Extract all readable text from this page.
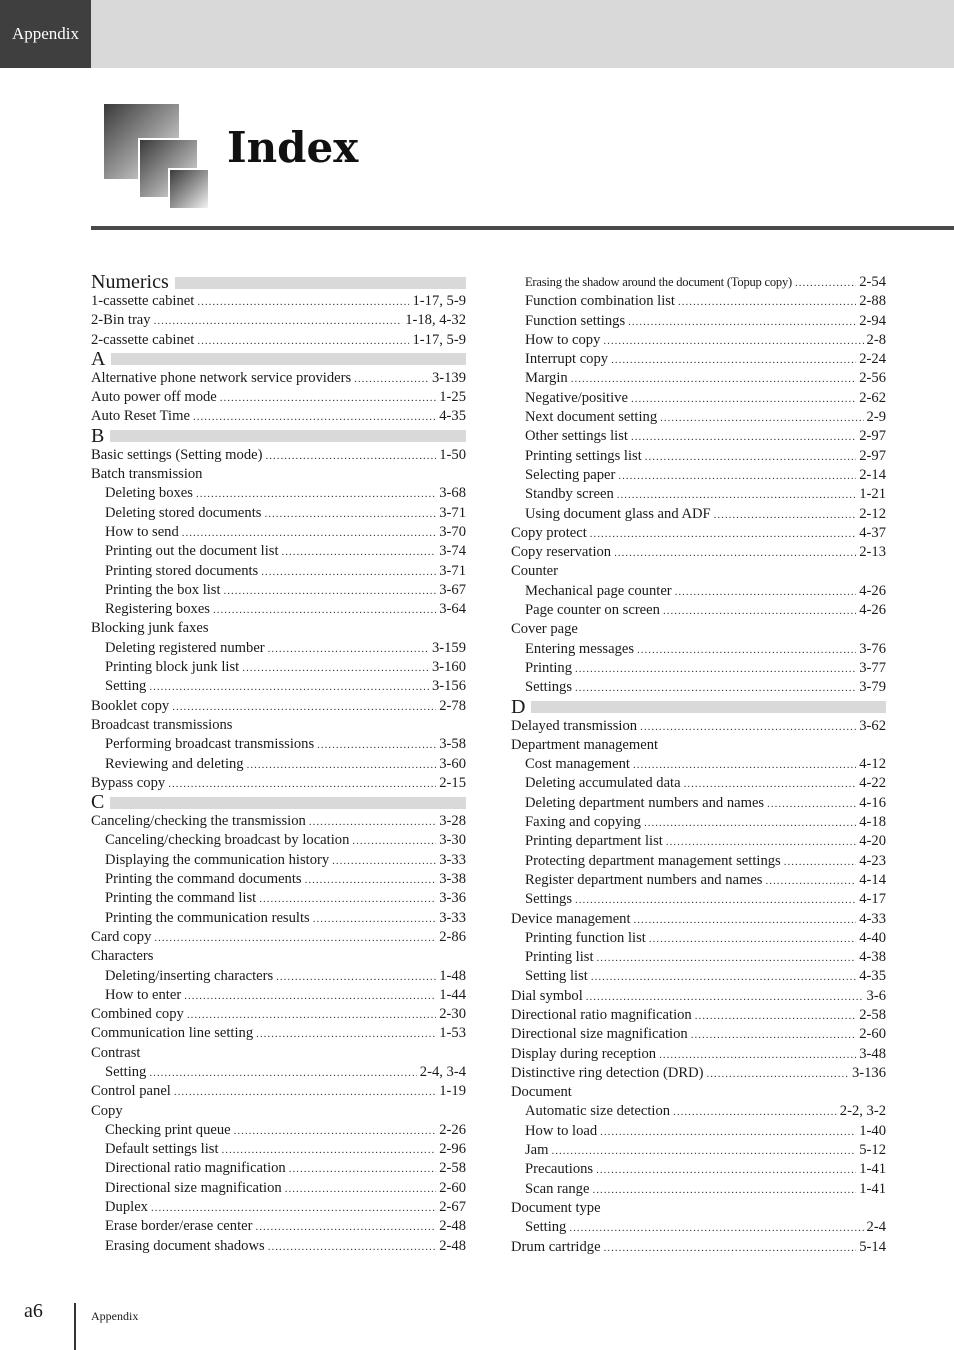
Appendix
Index
Numerics
1-cassette cabinet .....	1-17, 5-9
2-Bin tray .....	1-18, 4-32
2-cassette cabinet .....	1-17, 5-9
A
Alternative phone network service providers .....	3-139
Auto power off mode .....	1-25
Auto Reset Time .....	4-35
B
Basic settings (Setting mode) .....	1-50
Batch transmission
Deleting boxes .....	3-68
Deleting stored documents .....	3-71
How to send .....	3-70
Printing out the document list .....	3-74
Printing stored documents .....	3-71
Printing the box list .....	3-67
Registering boxes .....	3-64
Blocking junk faxes
Deleting registered number .....	3-159
Printing block junk list .....	3-160
Setting .....	3-156
Booklet copy .....	2-78
Broadcast transmissions
Performing broadcast transmissions .....	3-58
Reviewing and deleting .....	3-60
Bypass copy .....	2-15
C
Canceling/checking the transmission .....	3-28
Canceling/checking broadcast by location .....	3-30
Displaying the communication history .....	3-33
Printing the command documents .....	3-38
Printing the command list .....	3-36
Printing the communication results .....	3-33
Card copy .....	2-86
Characters
Deleting/inserting characters .....	1-48
How to enter .....	1-44
Combined copy .....	2-30
Communication line setting .....	1-53
Contrast
Setting .....	2-4, 3-4
Control panel .....	1-19
Copy
Checking print queue .....	2-26
Default settings list .....	2-96
Directional ratio magnification .....	2-58
Directional size magnification .....	2-60
Duplex .....	2-67
Erase border/erase center .....	2-48
Erasing document shadows .....	2-48
Erasing the shadow around the document (Topup copy) .....	2-54
Function combination list .....	2-88
Function settings .....	2-94
How to copy .....	2-8
Interrupt copy .....	2-24
Margin .....	2-56
Negative/positive .....	2-62
Next document setting .....	2-9
Other settings list .....	2-97
Printing settings list .....	2-97
Selecting paper .....	2-14
Standby screen .....	1-21
Using document glass and ADF .....	2-12
Copy protect .....	4-37
Copy reservation .....	2-13
Counter
Mechanical page counter .....	4-26
Page counter on screen .....	4-26
Cover page
Entering messages .....	3-76
Printing .....	3-77
Settings .....	3-79
D
Delayed transmission .....	3-62
Department management
Cost management .....	4-12
Deleting accumulated data .....	4-22
Deleting department numbers and names .....	4-16
Faxing and copying .....	4-18
Printing department list .....	4-20
Protecting department management settings .....	4-23
Register department numbers and names .....	4-14
Settings .....	4-17
Device management .....	4-33
Printing function list .....	4-40
Printing list .....	4-38
Setting list .....	4-35
Dial symbol .....	3-6
Directional ratio magnification .....	2-58
Directional size magnification .....	2-60
Display during reception .....	3-48
Distinctive ring detection (DRD) .....	3-136
Document
Automatic size detection .....	2-2, 3-2
How to load .....	1-40
Jam .....	5-12
Precautions .....	1-41
Scan range .....	1-41
Document type
Setting .....	2-4
Drum cartridge .....	5-14
a6	Appendix
